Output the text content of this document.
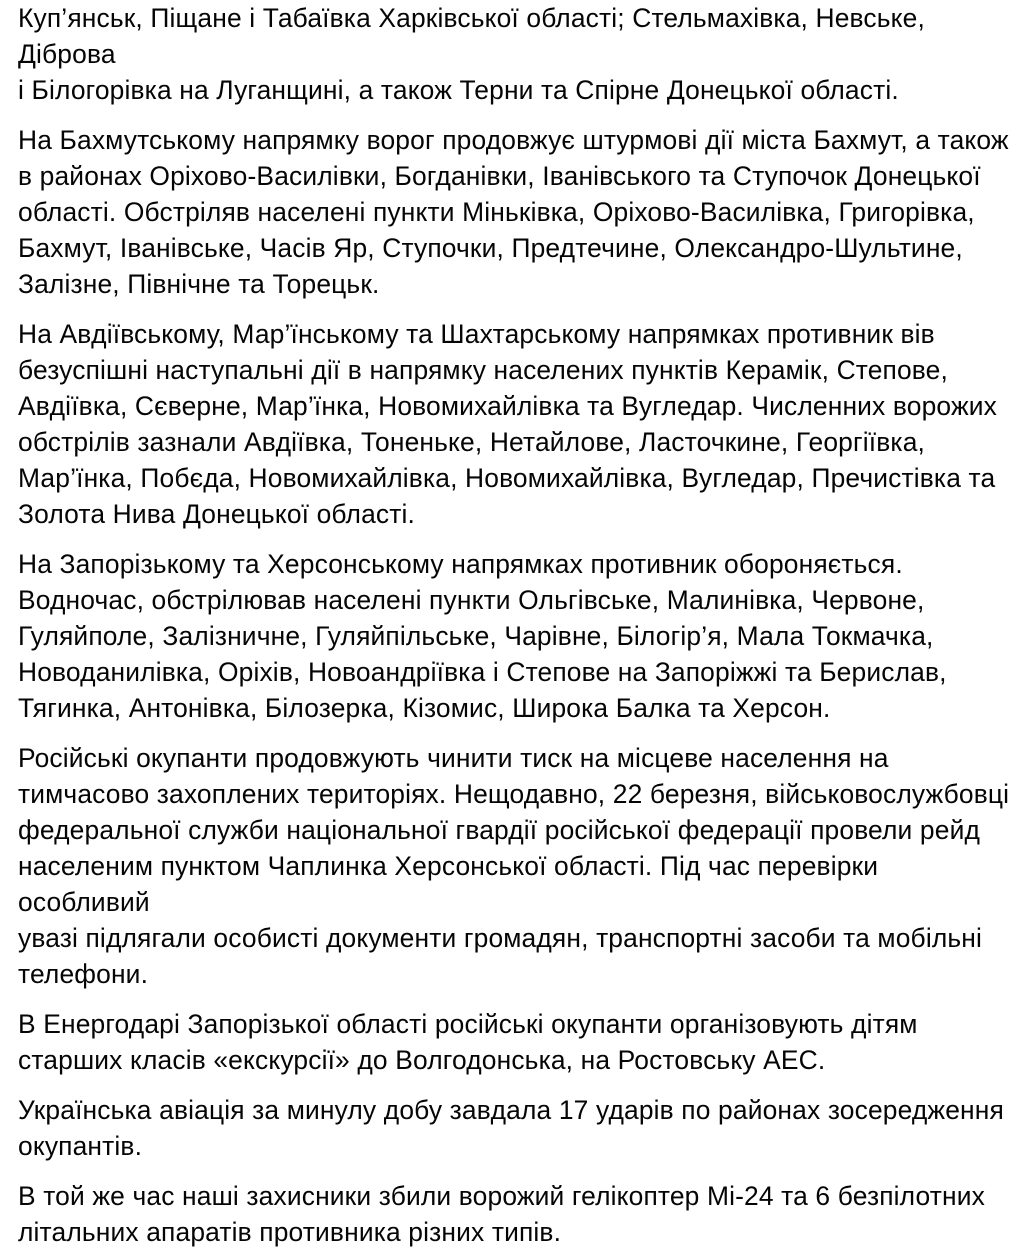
Куп’янськ, Піщане і Табаївка Харківської області; Стельмахівка, Невське, Діброва
і Білогорівка на Луганщині, а також Терни та Спірне Донецької області.

На Бахмутському напрямку ворог продовжує штурмові дії міста Бахмут, а також
в районах Оріхово-Василівки, Богданівки, Іванівського та Ступочок Донецької
області. Обстріляв населені пункти Міньківка, Оріхово-Василівка, Григорівка,
Бахмут, Іванівське, Часів Яр, Ступочки, Предтечине, Олександро-Шультине,
Залізне, Північне та Торецьк.

На Авдіївському, Мар’їнському та Шахтарському напрямках противник вів
безуспішні наступальні дії в напрямку населених пунктів Керамік, Степове,
Авдіївка, Сєверне, Мар’їнка, Новомихайлівка та Вугледар. Численних ворожих
обстрілів зазнали Авдіївка, Тоненьке, Нетайлове, Ласточкине, Георгіївка,
Мар’їнка, Побєда, Новомихайлівка, Новомихайлівка, Вугледар, Пречистівка та
Золота Нива Донецької області.

На Запорізькому та Херсонському напрямках противник обороняється.
Водночас, обстрілював населені пункти Ольгівське, Малинівка, Червоне,
Гуляйполе, Залізничне, Гуляйпільське, Чарівне, Білогір’я, Мала Токмачка,
Новоданилівка, Оріхів, Новоандріївка і Степове на Запоріжжі та Берислав,
Тягинка, Антонівка, Білозерка, Кізомис, Широка Балка та Херсон.

Російські окупанти продовжують чинити тиск на місцеве населення на
тимчасово захоплених територіях. Нещодавно, 22 березня, військовослужбовці
федеральної служби національної гвардії російської федерації провели рейд
населеним пунктом Чаплинка Херсонської області. Під час перевірки особливий
увазі підлягали особисті документи громадян, транспортні засоби та мобільні
телефони.

В Енергодарі Запорізької області російські окупанти організовують дітям
старших класів «екскурсії» до Волгодонська, на Ростовську АЕС.

Українська авіація за минулу добу завдала 17 ударів по районах зосередження
окупантів.

В той же час наші захисники збили ворожий гелікоптер Мі-24 та 6 безпілотних
літальних апаратів противника різних типів.
